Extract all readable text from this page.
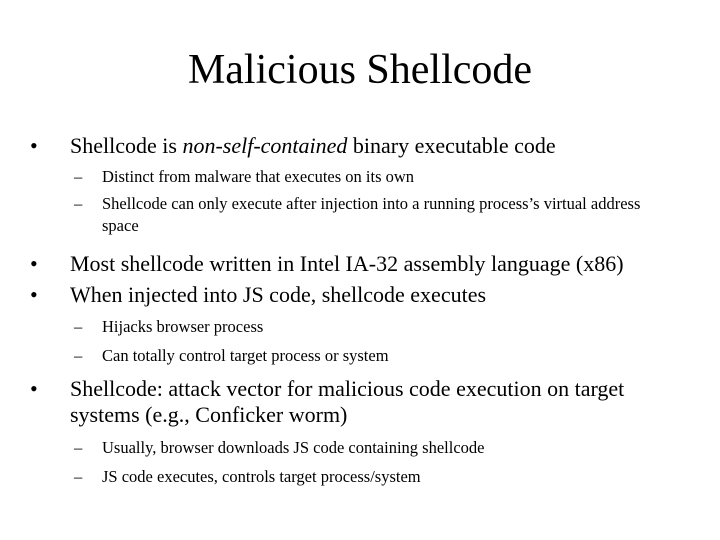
Malicious Shellcode
• Shellcode is non-self-contained binary executable code
– Distinct from malware that executes on its own
– Shellcode can only execute after injection into a running process’s virtual address space
• Most shellcode written in Intel IA-32 assembly language (x86)
• When injected into JS code, shellcode executes
– Hijacks browser process
– Can totally control target process or system
• Shellcode: attack vector for malicious code execution on target systems (e.g., Conficker worm)
– Usually, browser downloads JS code containing shellcode
– JS code executes, controls target process/system
